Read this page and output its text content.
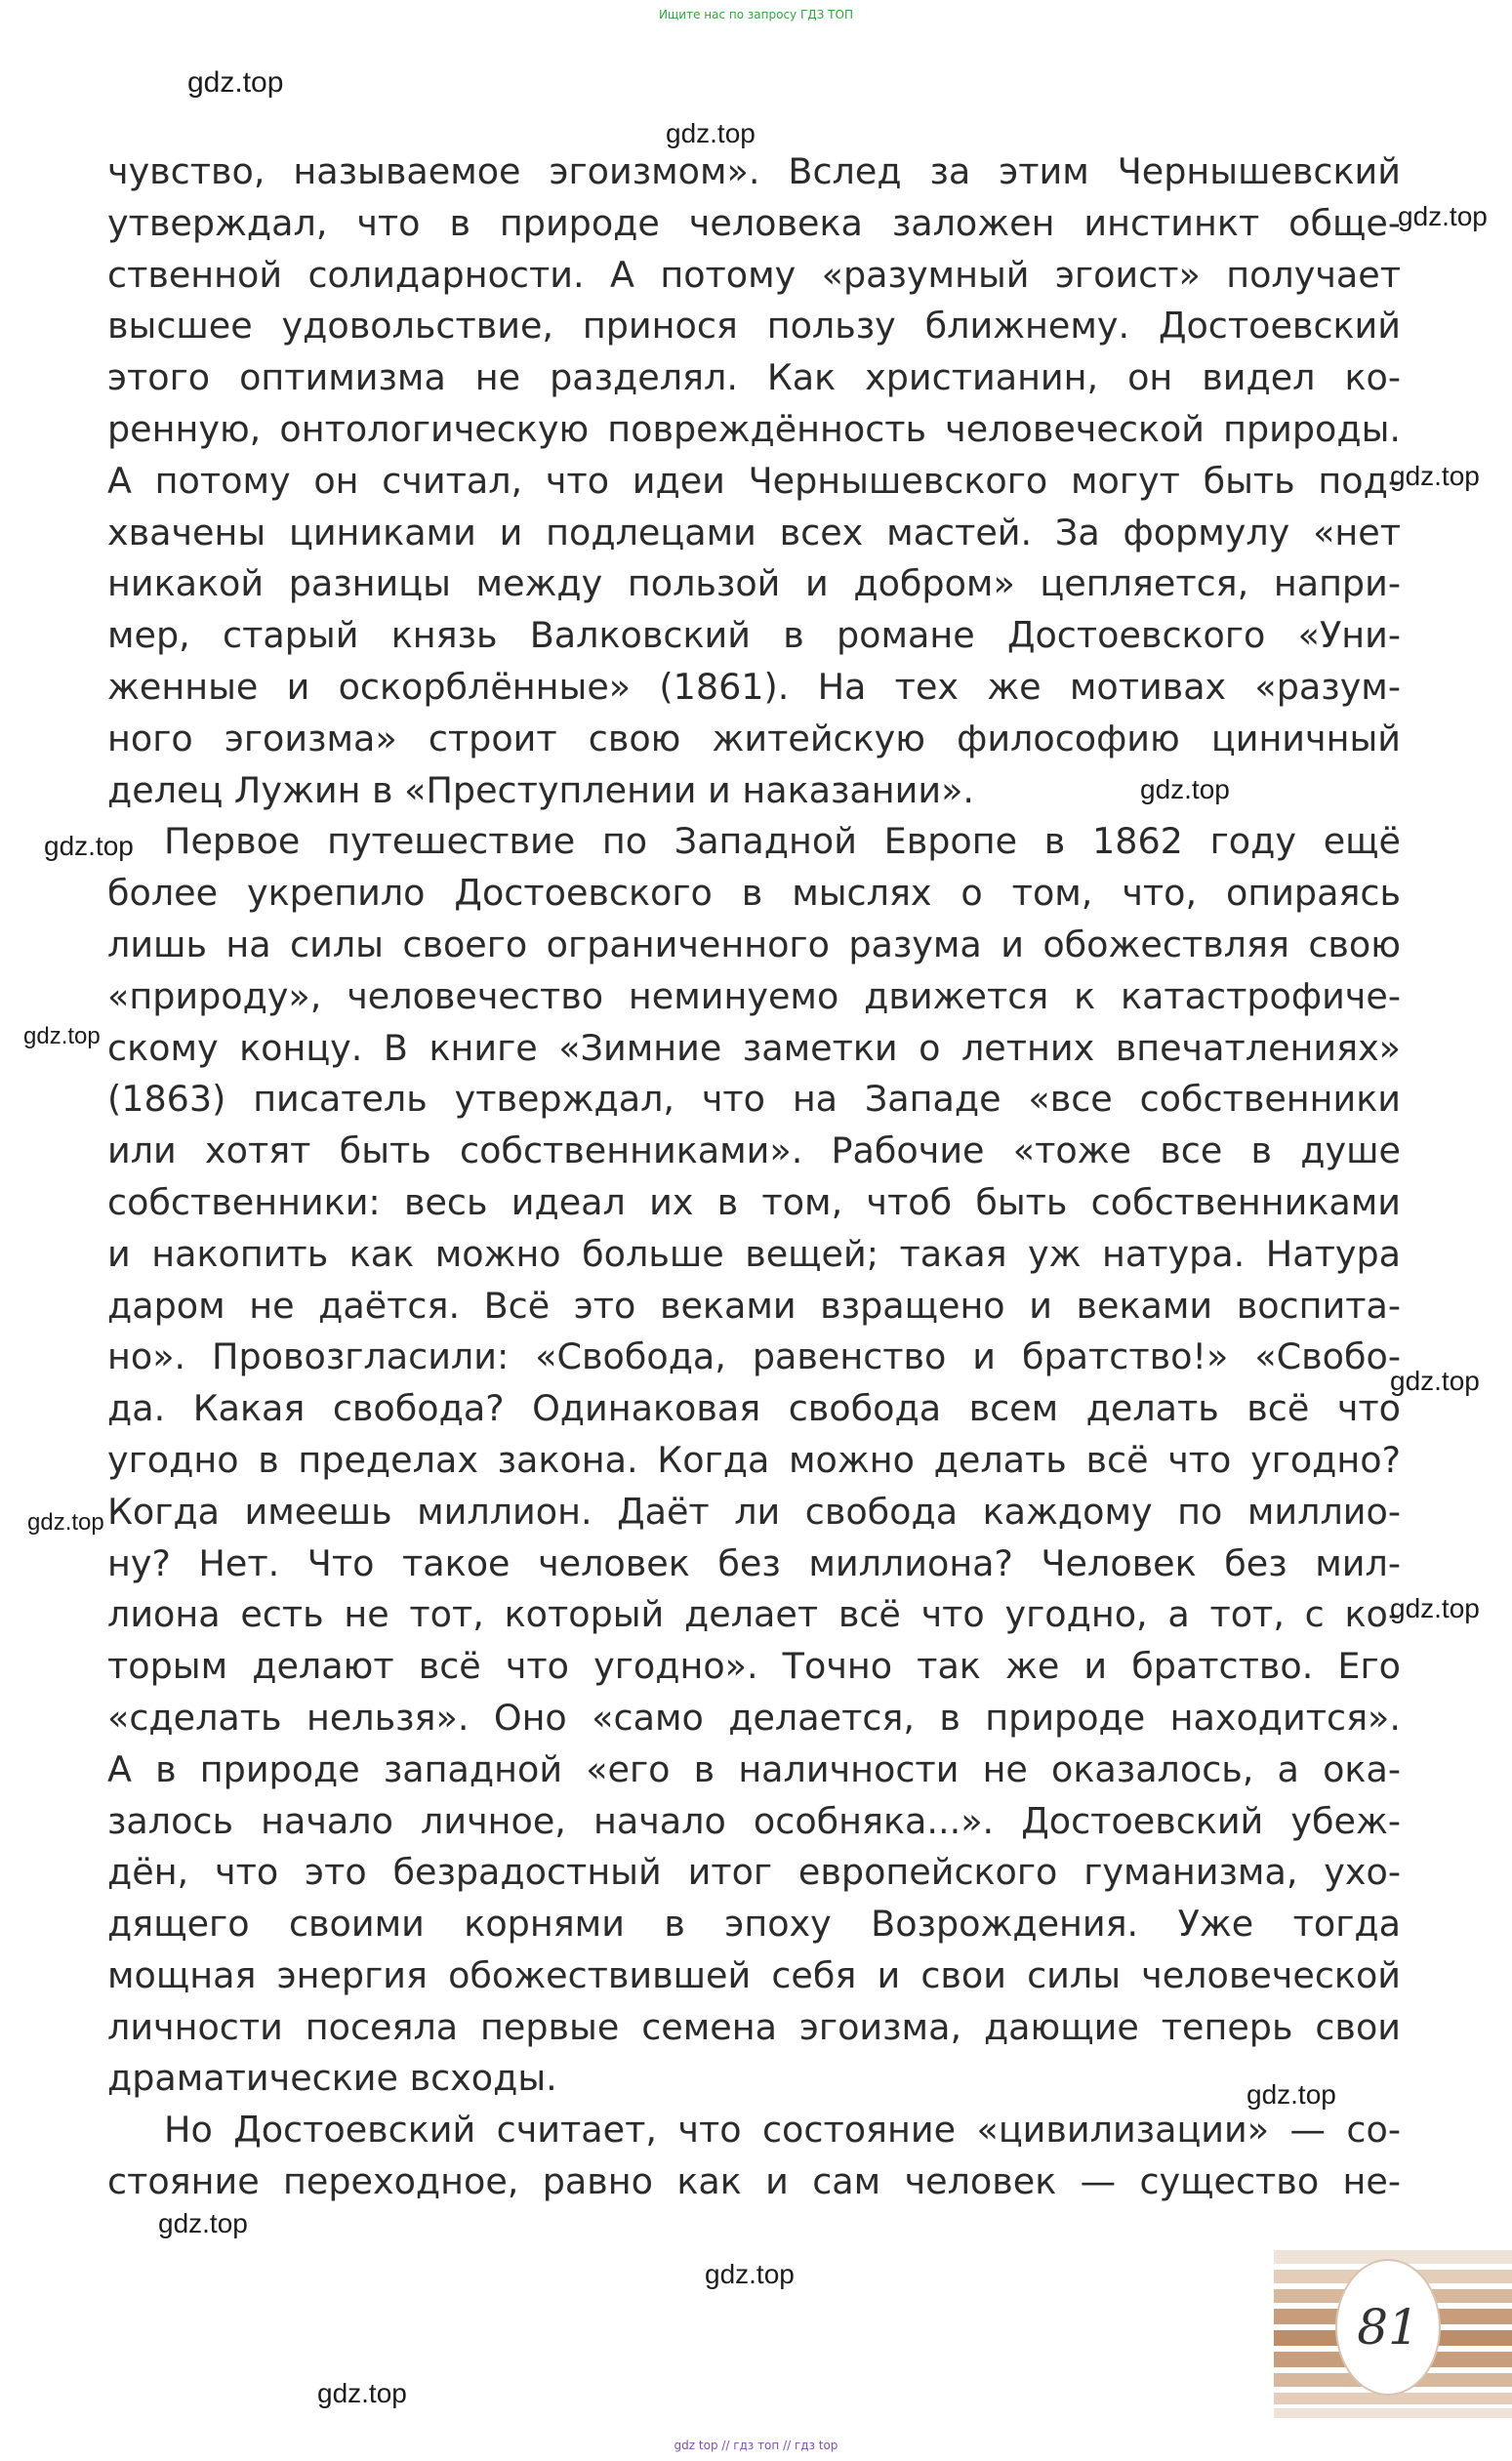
Ищите нас по запросу ГДЗ ТОП
чувство, называемое эгоизмом». Вслед за этим Чернышевский
утверждал, что в природе человека заложен инстинкт обще-
ственной солидарности. А потому «разумный эгоист» получает
высшее удовольствие, принося пользу ближнему. Достоевский
этого оптимизма не разделял. Как христианин, он видел ко-
ренную, онтологическую повреждённость человеческой природы.
А потому он считал, что идеи Чернышевского могут быть под-
хвачены циниками и подлецами всех мастей. За формулу «нет
никакой разницы между пользой и добром» цепляется, напри-
мер, старый князь Валковский в романе Достоевского «Уни-
женные и оскорблённые» (1861). На тех же мотивах «разум-
ного эгоизма» строит свою житейскую философию циничный
делец Лужин в «Преступлении и наказании».
Первое путешествие по Западной Европе в 1862 году ещё
более укрепило Достоевского в мыслях о том, что, опираясь
лишь на силы своего ограниченного разума и обожествляя свою
«природу», человечество неминуемо движется к катастрофиче-
скому концу. В книге «Зимние заметки о летних впечатлениях»
(1863) писатель утверждал, что на Западе «все собственники
или хотят быть собственниками». Рабочие «тоже все в душе
собственники: весь идеал их в том, чтоб быть собственниками
и накопить как можно больше вещей; такая уж натура. Натура
даром не даётся. Всё это веками взращено и веками воспита-
но». Провозгласили: «Свобода, равенство и братство!» «Свобо-
да. Какая свобода? Одинаковая свобода всем делать всё что
угодно в пределах закона. Когда можно делать всё что угодно?
Когда имеешь миллион. Даёт ли свобода каждому по миллио-
ну? Нет. Что такое человек без миллиона? Человек без мил-
лиона есть не тот, который делает всё что угодно, а тот, с ко-
торым делают всё что угодно». Точно так же и братство. Его
«сделать нельзя». Оно «само делается, в природе находится».
А в природе западной «его в наличности не оказалось, а ока-
залось начало личное, начало особняка...». Достоевский убеж-
дён, что это безрадостный итог европейского гуманизма, ухо-
дящего своими корнями в эпоху Возрождения. Уже тогда
мощная энергия обожествившей себя и свои силы человеческой
личности посеяла первые семена эгоизма, дающие теперь свои
драматические всходы.
Но Достоевский считает, что состояние «цивилизации» — со-
стояние переходное, равно как и сам человек — существо не-
gdz.top
gdz.top
gdz.top
gdz.top
gdz.top
gdz.top
gdz.top
gdz.top
gdz.top
gdz.top
gdz.top
gdz.top
gdz.top
gdz.top
81
gdz top // гдз топ // гдз top
